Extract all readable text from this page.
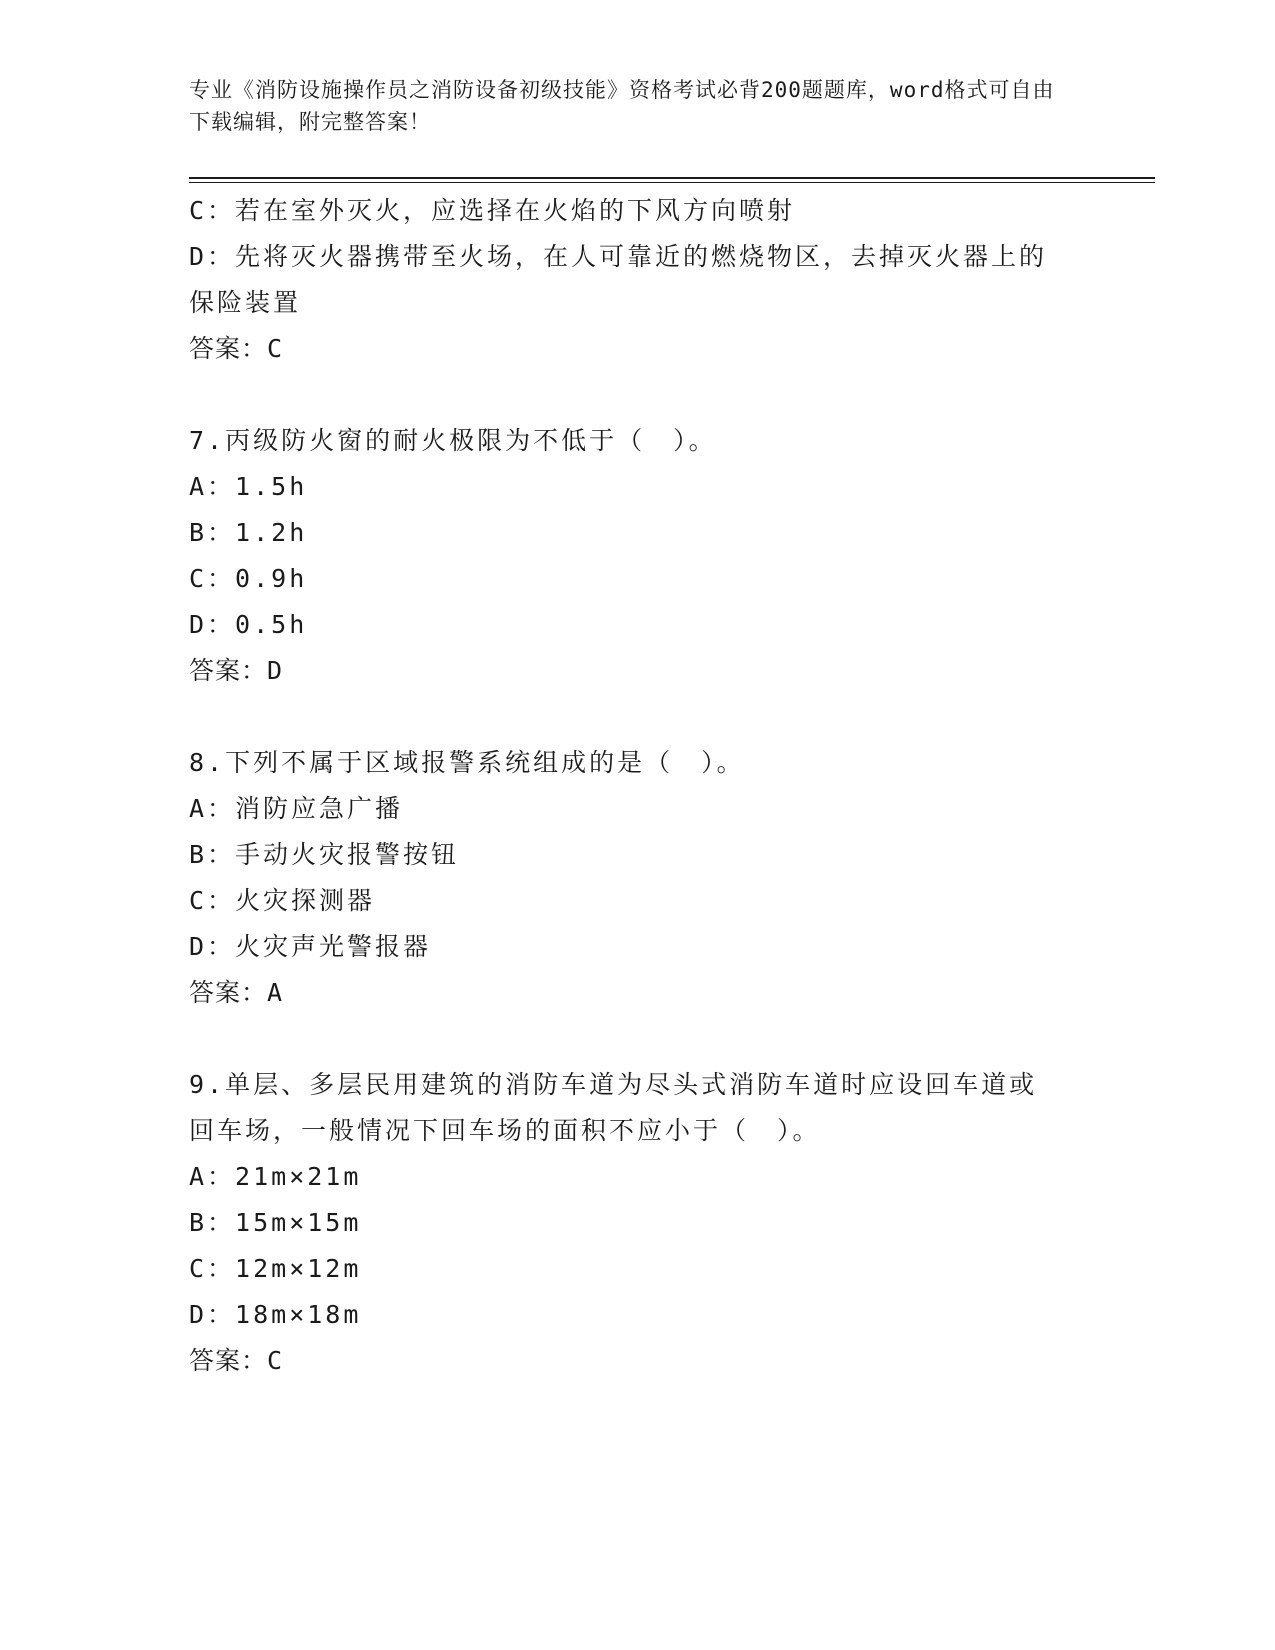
专业《消防设施操作员之消防设备初级技能》资格考试必背200题题库，word格式可自由下载编辑，附完整答案！
C：若在室外灭火，应选择在火焰的下风方向喷射
D：先将灭火器携带至火场，在人可靠近的燃烧物区，去掉灭火器上的
保险装置
答案：C
7.丙级防火窗的耐火极限为不低于（　）。
A：1.5h
B：1.2h
C：0.9h
D：0.5h
答案：D
8.下列不属于区域报警系统组成的是（　）。
A：消防应急广播
B：手动火灾报警按钮
C：火灾探测器
D：火灾声光警报器
答案：A
9.单层、多层民用建筑的消防车道为尽头式消防车道时应设回车道或
回车场，一般情况下回车场的面积不应小于（　）。
A：21m×21m
B：15m×15m
C：12m×12m
D：18m×18m
答案：C
